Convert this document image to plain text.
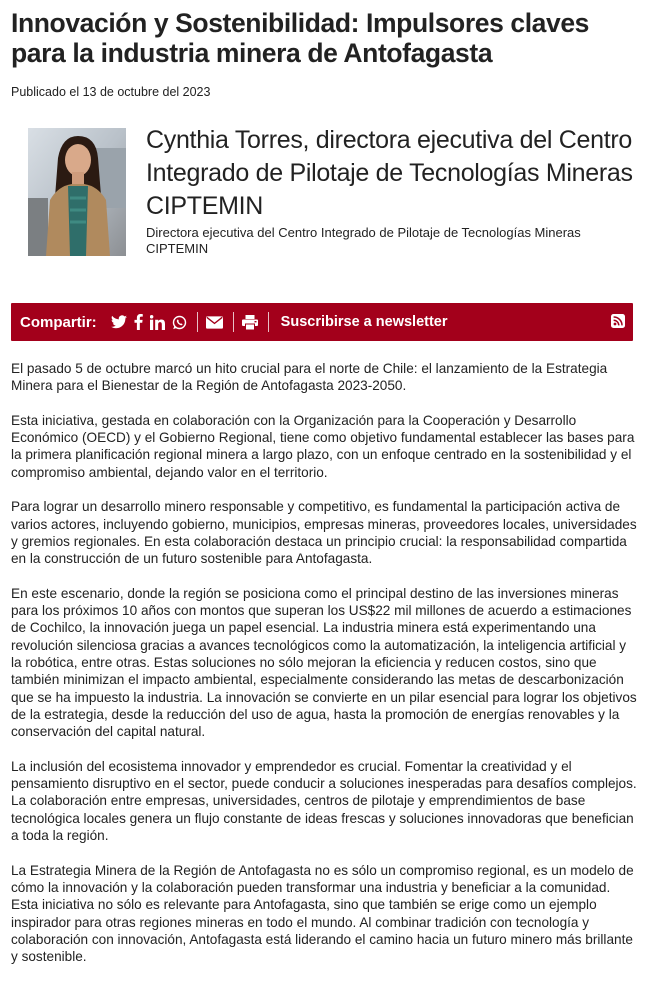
Innovación y Sostenibilidad: Impulsores claves para la industria minera de Antofagasta
Publicado el 13 de octubre del 2023
Cynthia Torres, directora ejecutiva del Centro Integrado de Pilotaje de Tecnologías Mineras CIPTEMIN
Directora ejecutiva del Centro Integrado de Pilotaje de Tecnologías Mineras CIPTEMIN
Compartir:	Suscribirse a newsletter

El pasado 5 de octubre marcó un hito crucial para el norte de Chile: el lanzamiento de la Estrategia Minera para el Bienestar de la Región de Antofagasta 2023-2050.

Esta iniciativa, gestada en colaboración con la Organización para la Cooperación y Desarrollo Económico (OECD) y el Gobierno Regional, tiene como objetivo fundamental establecer las bases para la primera planificación regional minera a largo plazo, con un enfoque centrado en la sostenibilidad y el compromiso ambiental, dejando valor en el territorio.

Para lograr un desarrollo minero responsable y competitivo, es fundamental la participación activa de varios actores, incluyendo gobierno, municipios, empresas mineras, proveedores locales, universidades y gremios regionales. En esta colaboración destaca un principio crucial: la responsabilidad compartida en la construcción de un futuro sostenible para Antofagasta.

En este escenario, donde la región se posiciona como el principal destino de las inversiones mineras para los próximos 10 años con montos que superan los US$22 mil millones de acuerdo a estimaciones de Cochilco, la innovación juega un papel esencial. La industria minera está experimentando una revolución silenciosa gracias a avances tecnológicos como la automatización, la inteligencia artificial y la robótica, entre otras. Estas soluciones no sólo mejoran la eficiencia y reducen costos, sino que también minimizan el impacto ambiental, especialmente considerando las metas de descarbonización que se ha impuesto la industria. La innovación se convierte en un pilar esencial para lograr los objetivos de la estrategia, desde la reducción del uso de agua, hasta la promoción de energías renovables y la conservación del capital natural.

La inclusión del ecosistema innovador y emprendedor es crucial. Fomentar la creatividad y el pensamiento disruptivo en el sector, puede conducir a soluciones inesperadas para desafíos complejos. La colaboración entre empresas, universidades, centros de pilotaje y emprendimientos de base tecnológica locales genera un flujo constante de ideas frescas y soluciones innovadoras que benefician a toda la región.

La Estrategia Minera de la Región de Antofagasta no es sólo un compromiso regional, es un modelo de cómo la innovación y la colaboración pueden transformar una industria y beneficiar a la comunidad. Esta iniciativa no sólo es relevante para Antofagasta, sino que también se erige como un ejemplo inspirador para otras regiones mineras en todo el mundo. Al combinar tradición con tecnología y colaboración con innovación, Antofagasta está liderando el camino hacia un futuro minero más brillante y sostenible.
